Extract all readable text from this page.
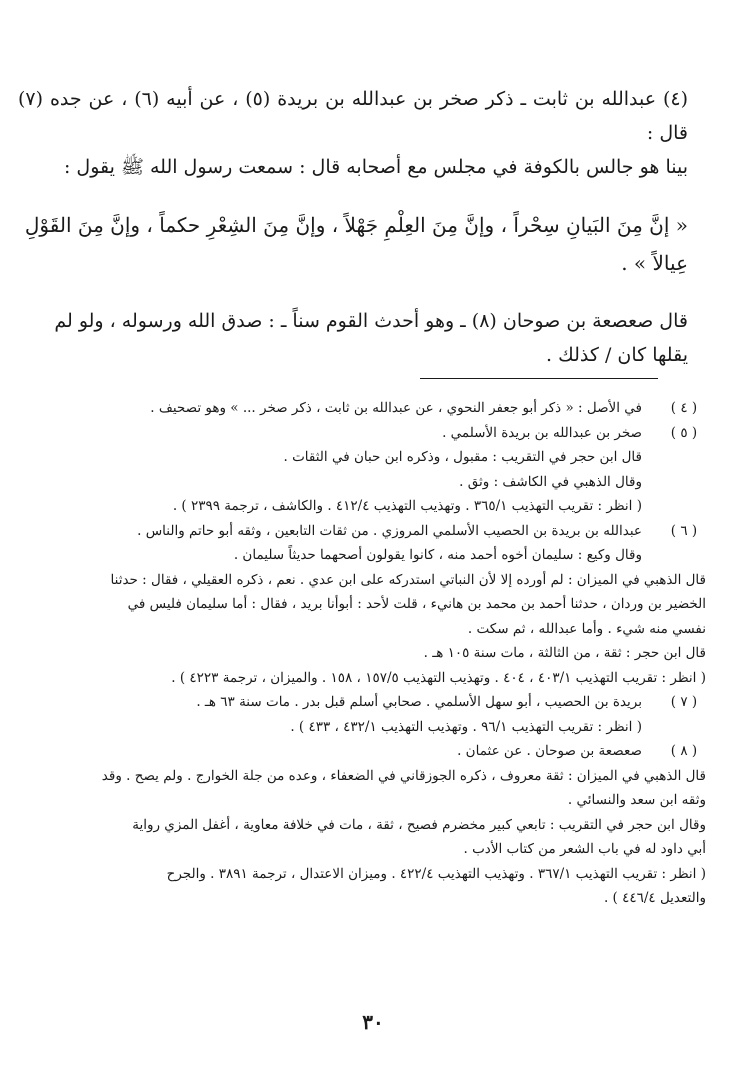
(٤) عبدالله بن ثابت ـ ذكر صخر بن عبدالله بن بريدة (٥) ، عن أبيه (٦) ، عن جده (٧) قال :
بينا هو جالس بالكوفة في مجلس مع أصحابه قال : سمعت رسول الله ﷺ يقول :

« إنَّ مِنَ البَيانِ سِحْراً ، وإنَّ مِنَ العِلْمِ جَهْلاً ، وإنَّ مِنَ الشِعْرِ حكماً ، وإنَّ مِنَ القَوْلِ
عِيالاً » .

قال صعصعة بن صوحان (٨) ـ وهو أحدث القوم سناً ـ : صدق الله ورسوله ، ولو لم
يقلها كان / كذلك .

( ٤ )

في الأصل : « ذكر أبو جعفر النحوي ، عن عبدالله بن ثابت ، ذكر صخر ... » وهو تصحيف .

( ٥ )

صخر بن عبدالله بن بريدة الأسلمي .

قال ابن حجر في التقريب : مقبول ، وذكره ابن حبان في الثقات .

وقال الذهبي في الكاشف : وثق .

( انظر : تقريب التهذيب ٣٦٥/١ . وتهذيب التهذيب ٤١٢/٤ . والكاشف ، ترجمة ٢٣٩٩ ) .

( ٦ )

عبدالله بن بريدة بن الحصيب الأسلمي المروزي . من ثقات التابعين ، وثقه أبو حاتم والناس .

وقال وكيع : سليمان أخوه أحمد منه ، كانوا يقولون أصحهما حديثاً سليمان .

قال الذهبي في الميزان : لم أورده إلا لأن النباتي استدركه على ابن عدي . نعم ، ذكره العقيلي ، فقال : حدثنا

الخضير بن وردان ، حدثنا أحمد بن محمد بن هانيء ، قلت لأحد : أبوأنا بريد ، فقال : أما سليمان فليس في

نفسي منه شيء . وأما عبدالله ، ثم سكت .

قال ابن حجر : ثقة ، من الثالثة ، مات سنة ١٠٥ هـ .

( انظر : تقريب التهذيب ٤٠٣/١ ، ٤٠٤ . وتهذيب التهذيب ١٥٧/٥ ، ١٥٨ . والميزان ، ترجمة ٤٢٢٣ ) .

( ٧ )

بريدة بن الحصيب ، أبو سهل الأسلمي . صحابي أسلم قبل بدر . مات سنة ٦٣ هـ .

( انظر : تقريب التهذيب ٩٦/١ . وتهذيب التهذيب ٤٣٢/١ ، ٤٣٣ ) .

( ٨ )

صعصعة بن صوحان . عن عثمان .

قال الذهبي في الميزان : ثقة معروف ، ذكره الجوزقاني في الضعفاء ، وعده من جلة الخوارج . ولم يصح . وقد

وثقه ابن سعد والنسائي .

وقال ابن حجر في التقريب : تابعي كبير مخضرم فصيح ، ثقة ، مات في خلافة معاوية ، أغفل المزي رواية

أبي داود له في باب الشعر من كتاب الأدب .

( انظر : تقريب التهذيب ٣٦٧/١ . وتهذيب التهذيب ٤٢٢/٤ . وميزان الاعتدال ، ترجمة ٣٨٩١ . والجرح

والتعديل ٤٤٦/٤ ) .

٣٠
